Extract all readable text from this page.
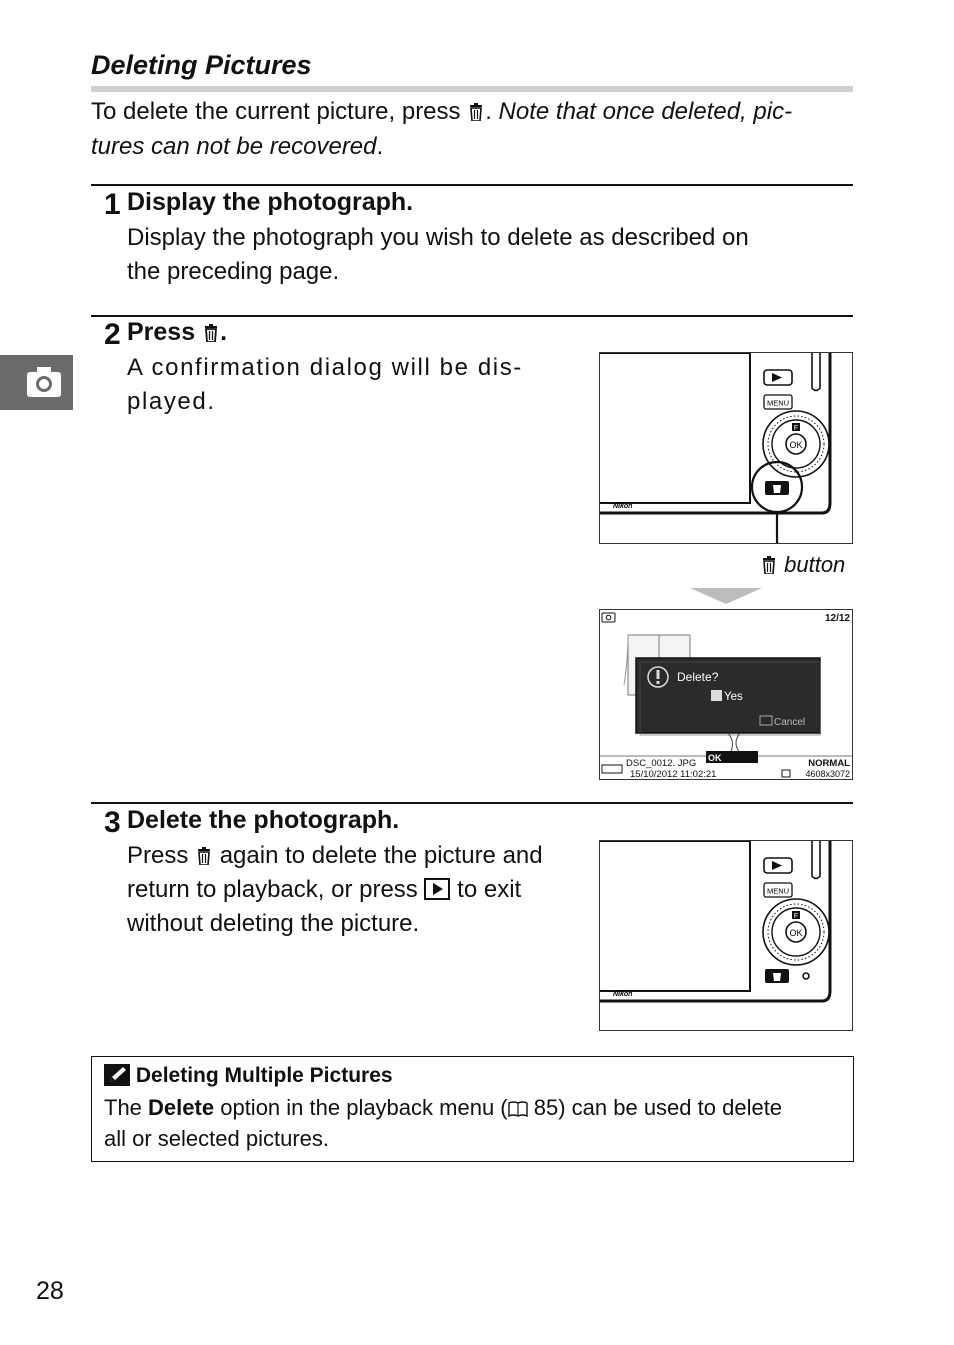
Deleting Pictures
To delete the current picture, press . Note that once deleted, pic-
tures can not be recovered.
1 Display the photograph.
Display the photograph you wish to delete as described on
the preceding page.
2 Press .
A confirmation dialog will be dis-
played.	MENU
OK
F
Nikon
button
12/12
Delete?
Yes
Cancel
DSC_0012. JPG OK	NORMAL
15/10/2012 11:02:21	4608x3072
3 Delete the photograph.
Press again to delete the picture and
return to playback, or press to exit
without deleting the picture.
MENU
OK
F
Nikon
Deleting Multiple Pictures
The Delete option in the playback menu ( 85) can be used to delete
all or selected pictures.
28
